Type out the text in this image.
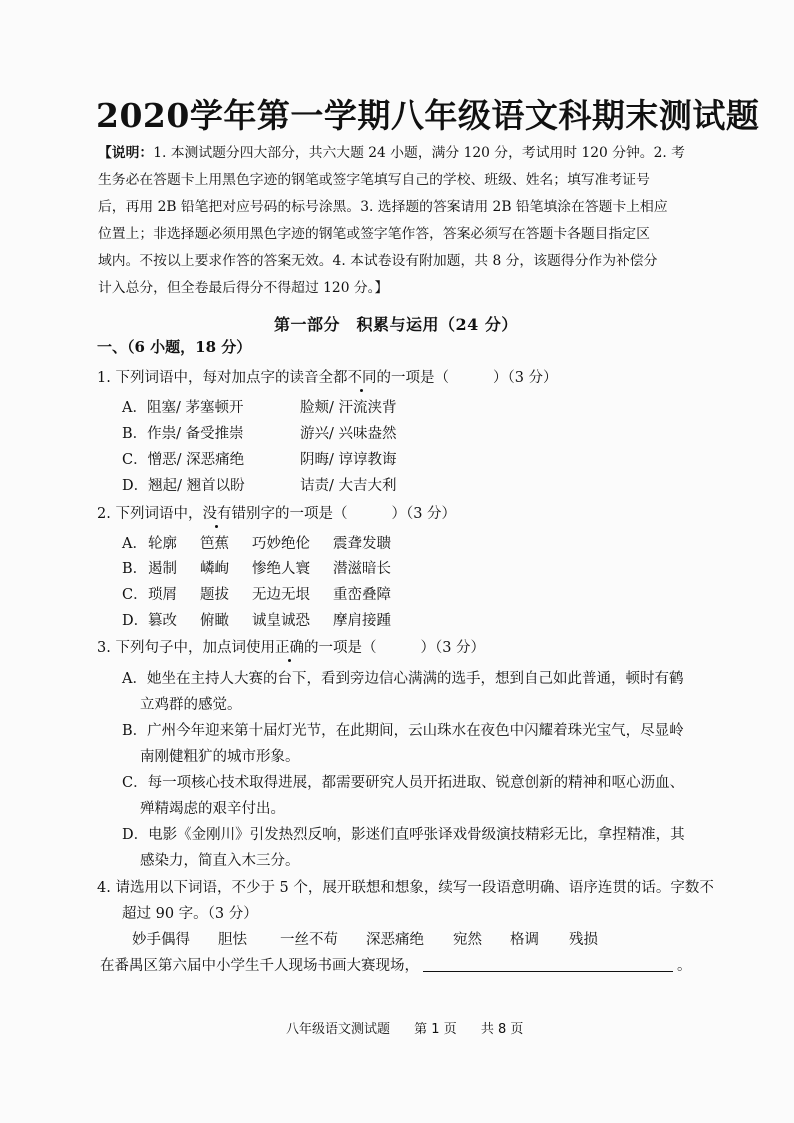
2020学年第一学期八年级语文科期末测试题

【说明：1. 本测试题分四大部分，共六大题 24 小题，满分 120 分，考试用时 120 分钟。2. 考

生务必在答题卡上用黑色字迹的钢笔或签字笔填写自己的学校、班级、姓名；填写准考证号

后，再用 2B 铅笔把对应号码的标号涂黑。3. 选择题的答案请用 2B 铅笔填涂在答题卡上相应

位置上；非选择题必须用黑色字迹的钢笔或签字笔作答，答案必须写在答题卡各题目指定区

域内。不按以上要求作答的答案无效。4. 本试卷设有附加题，共 8 分，该题得分作为补偿分

计入总分，但全卷最后得分不得超过 120 分。】

第一部分　积累与运用（24 分）
一、（6 小题，18 分）
1. 下列词语中，每对加点字的读音全都不同的一项是（	）（3 分）
A．阻塞/ 茅塞顿开	脸颊/ 汗流浃背
B．作祟/ 备受推崇	游兴/ 兴味盎然
C．憎恶/ 深恶痛绝	阴晦/ 谆谆教诲
D．翘起/ 翘首以盼	诘责/ 大吉大利
2. 下列词语中，没有错别字的一项是（	）（3 分）
A． 轮廓 笆蕉 巧妙绝伦 震聋发聩
B． 遏制 嶙峋 惨绝人寰 潜滋暗长
C． 琐屑 题拔 无边无垠 重峦叠障
D． 篡改 俯瞰 诚皇诚恐 摩肩接踵
3. 下列句子中，加点词使用正确的一项是（	）（3 分）
A．她坐在主持人大赛的台下，看到旁边信心满满的选手，想到自己如此普通，顿时有鹤
立鸡群的感觉。
B．广州今年迎来第十届灯光节，在此期间，云山珠水在夜色中闪耀着珠光宝气，尽显岭
南刚健粗犷的城市形象。
C．每一项核心技术取得进展，都需要研究人员开拓进取、锐意创新的精神和呕心沥血、
殚精竭虑的艰辛付出。
D．电影《金刚川》引发热烈反响，影迷们直呼张译戏骨级演技精彩无比，拿捏精准，其
感染力，简直入木三分。
4. 请选用以下词语，不少于 5 个，展开联想和想象，续写一段语意明确、语序连贯的话。字数不
超过 90 字。（3 分）
妙手偶得 胆怯 一丝不苟 深恶痛绝 宛然 格调 残损
在番禺区第六届中小学生千人现场书画大赛现场，	。
八年级语文测试题 第 1 页 共 8 页
